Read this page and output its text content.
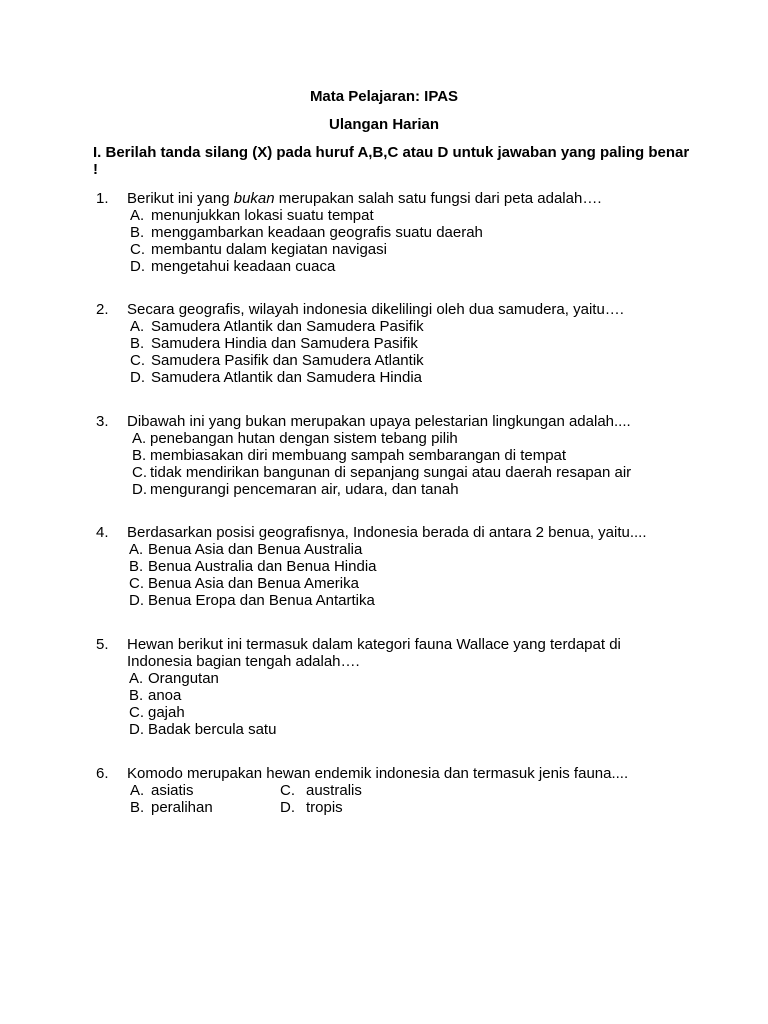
Mata Pelajaran: IPAS
Ulangan Harian
I. Berilah tanda silang (X) pada huruf A,B,C atau D untuk jawaban yang paling benar !
1. Berikut ini yang bukan merupakan salah satu fungsi dari peta adalah….
A. menunjukkan lokasi suatu tempat
B. menggambarkan keadaan geografis suatu daerah
C. membantu dalam kegiatan navigasi
D. mengetahui keadaan cuaca
2. Secara geografis, wilayah indonesia dikelilingi oleh dua samudera, yaitu….
A. Samudera Atlantik dan Samudera Pasifik
B. Samudera Hindia dan Samudera Pasifik
C. Samudera Pasifik dan Samudera Atlantik
D. Samudera Atlantik dan Samudera Hindia
3. Dibawah ini yang bukan merupakan upaya pelestarian lingkungan adalah....
A. penebangan hutan dengan sistem tebang pilih
B. membiasakan diri membuang sampah sembarangan di tempat
C. tidak mendirikan bangunan di sepanjang sungai atau daerah resapan air
D. mengurangi pencemaran air, udara, dan tanah
4. Berdasarkan posisi geografisnya, Indonesia berada di antara 2 benua, yaitu....
A. Benua Asia dan Benua Australia
B. Benua Australia dan Benua Hindia
C. Benua Asia dan Benua Amerika
D. Benua Eropa dan Benua Antartika
5. Hewan berikut ini termasuk dalam kategori fauna Wallace yang terdapat di Indonesia bagian tengah adalah….
A. Orangutan
B. anoa
C. gajah
D. Badak bercula satu
6. Komodo merupakan hewan endemik indonesia dan termasuk jenis fauna....
A. asiatis
B. peralihan
C. australis
D. tropis
